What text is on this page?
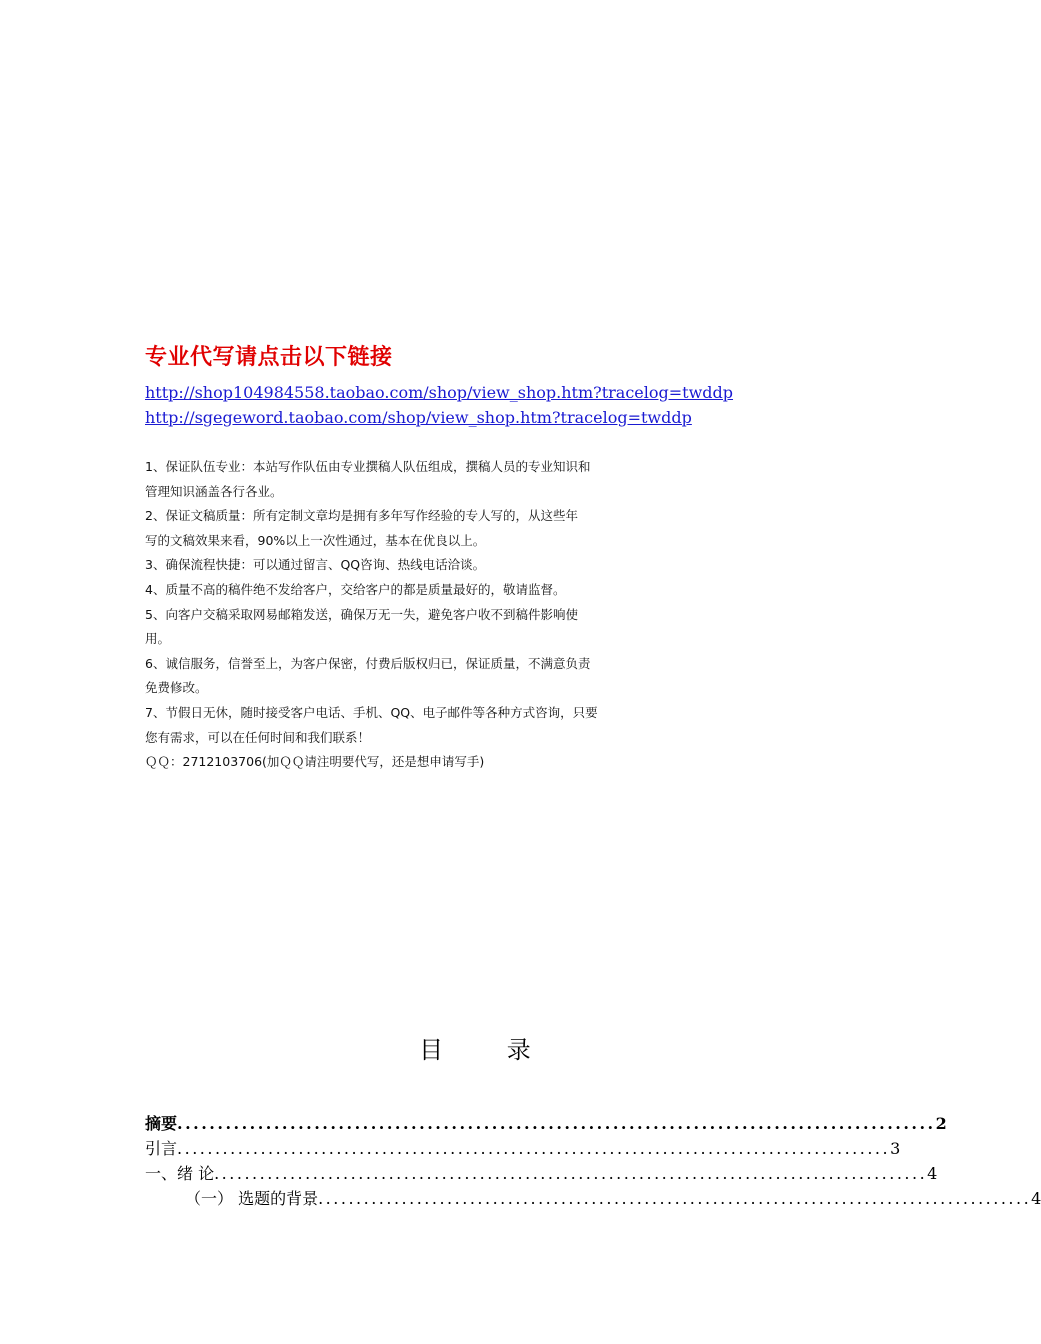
专业代写请点击以下链接
http://shop104984558.taobao.com/shop/view_shop.htm?tracelog=twddp
http://sgegeword.taobao.com/shop/view_shop.htm?tracelog=twddp
1、保证队伍专业：本站写作队伍由专业撰稿人队伍组成，撰稿人员的专业知识和
管理知识涵盖各行各业。
2、保证文稿质量：所有定制文章均是拥有多年写作经验的专人写的，从这些年
写的文稿效果来看，90%以上一次性通过，基本在优良以上。
3、确保流程快捷：可以通过留言、QQ咨询、热线电话洽谈。
4、质量不高的稿件绝不发给客户，交给客户的都是质量最好的，敬请监督。
5、向客户交稿采取网易邮箱发送，确保万无一失，避免客户收不到稿件影响使
用。
6、诚信服务，信誉至上，为客户保密，付费后版权归已，保证质量，不满意负责
免费修改。
7、节假日无休，随时接受客户电话、手机、QQ、电子邮件等各种方式咨询，只要
您有需求，可以在任何时间和我们联系！
ＱＱ：2712103706(加ＱＱ请注明要代写，还是想申请写手)
目 录
摘要 .............................................................................................. 2
引言 .............................................................................................. 3
一、绪 论 .............................................................................................. 4
（一） 选题的背景 .............................................................................................. 4
